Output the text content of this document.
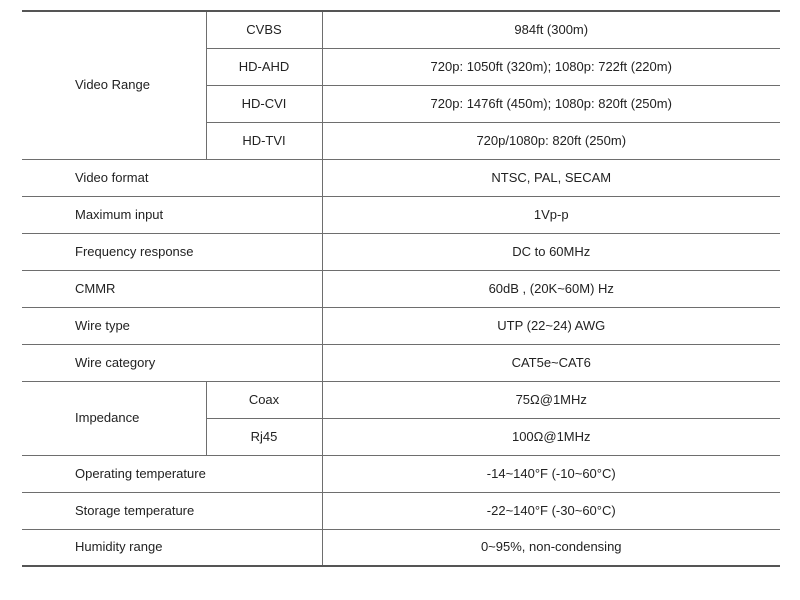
Video Range	CVBS	984ft (300m)
	HD-AHD	720p: 1050ft (320m); 1080p: 722ft (220m)
	HD-CVI	720p: 1476ft (450m); 1080p: 820ft (250m)
	HD-TVI	720p/1080p: 820ft (250m)
Video format		NTSC, PAL, SECAM
Maximum input		1Vp-p
Frequency response		DC to 60MHz
CMMR		60dB , (20K~60M) Hz
Wire type		UTP (22~24) AWG
Wire category		CAT5e~CAT6
Impedance	Coax	75Ω@1MHz
	Rj45	100Ω@1MHz
Operating temperature		-14~140°F (-10~60°C)
Storage temperature		-22~140°F (-30~60°C)
Humidity range		0~95%, non-condensing
